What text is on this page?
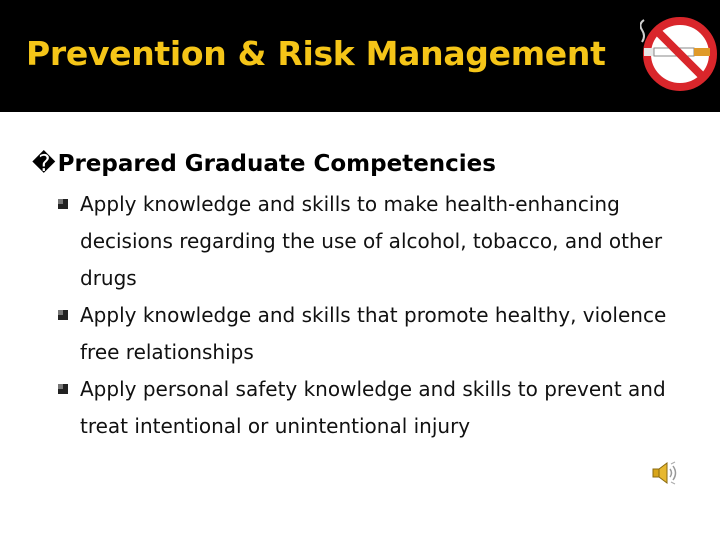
Prevention & Risk Management
�Prepared Graduate Competencies
Apply knowledge and skills to make health-enhancing decisions regarding the use of alcohol, tobacco, and other drugs
Apply knowledge and skills that promote healthy, violence free relationships
Apply personal safety knowledge and skills to prevent and treat intentional or unintentional injury
